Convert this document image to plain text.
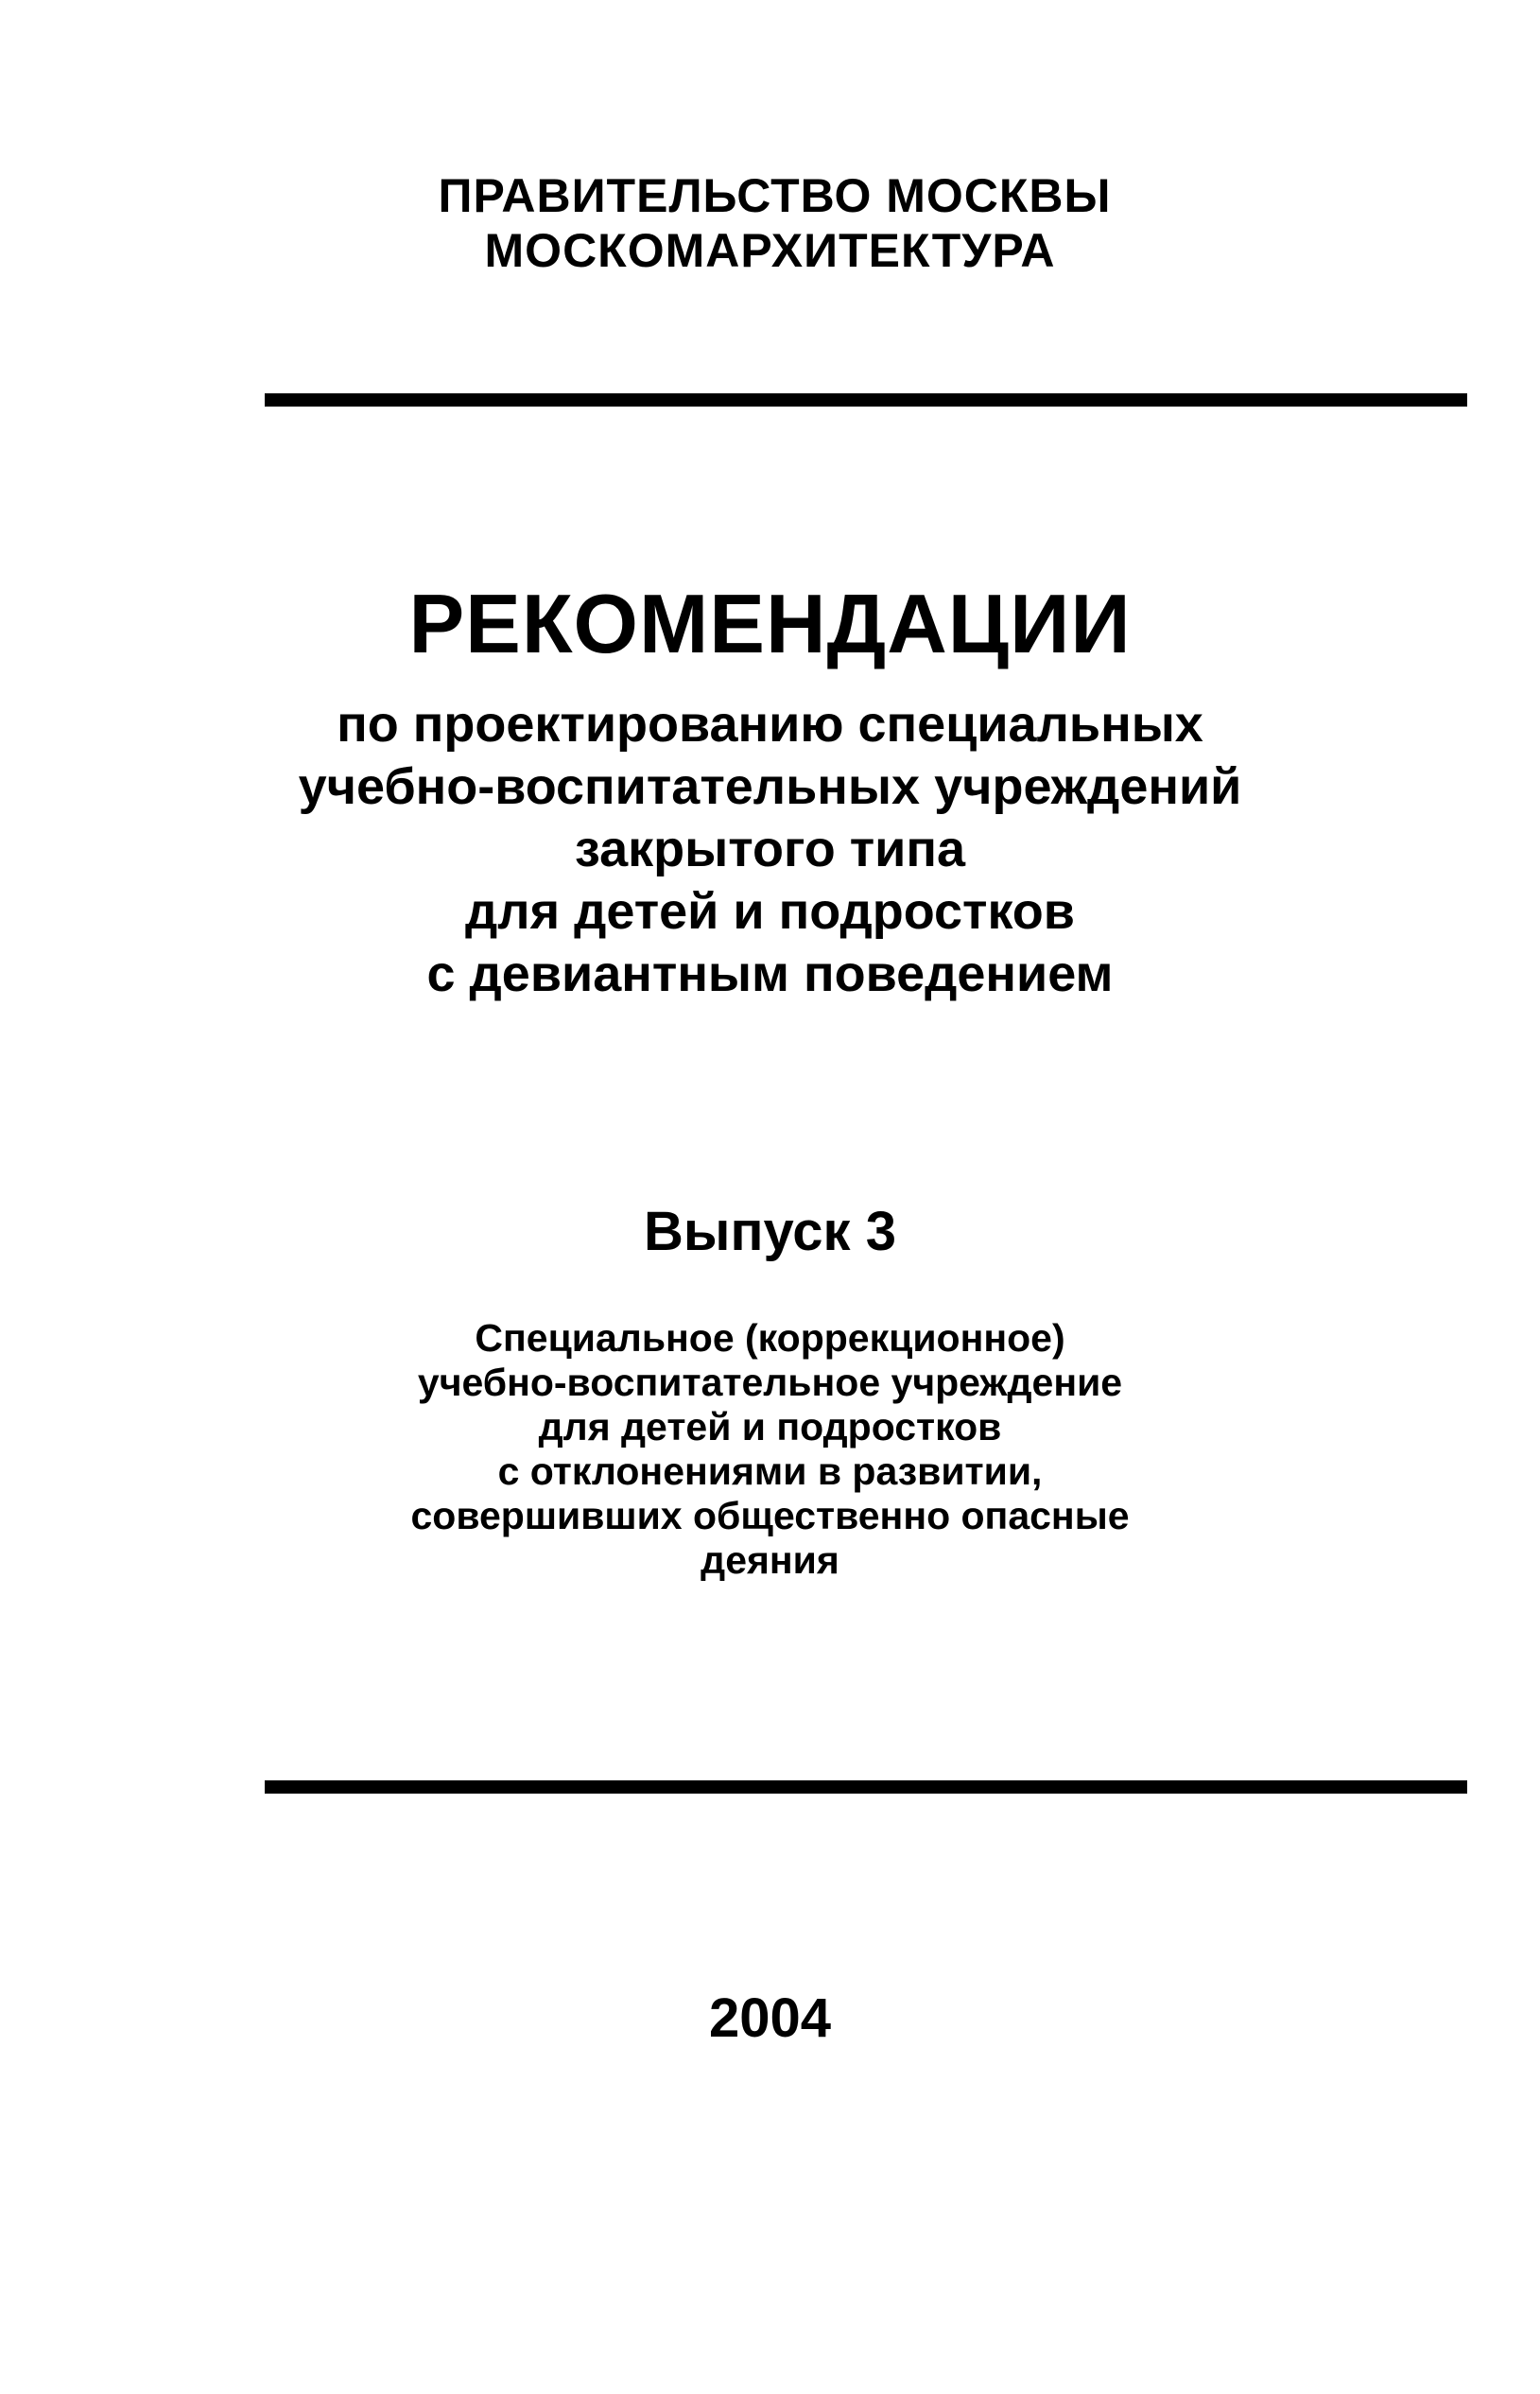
ПРАВИТЕЛЬСТВО МОСКВЫ
МОСКОМАРХИТЕКТУРА
РЕКОМЕНДАЦИИ
по проектированию специальных
учебно-воспитательных учреждений
закрытого типа
для детей и подростков
с девиантным поведением
Выпуск 3
Специальное (коррекционное)
учебно-воспитательное учреждение
для детей и подростков
с отклонениями в развитии,
совершивших общественно опасные
деяния
2004
